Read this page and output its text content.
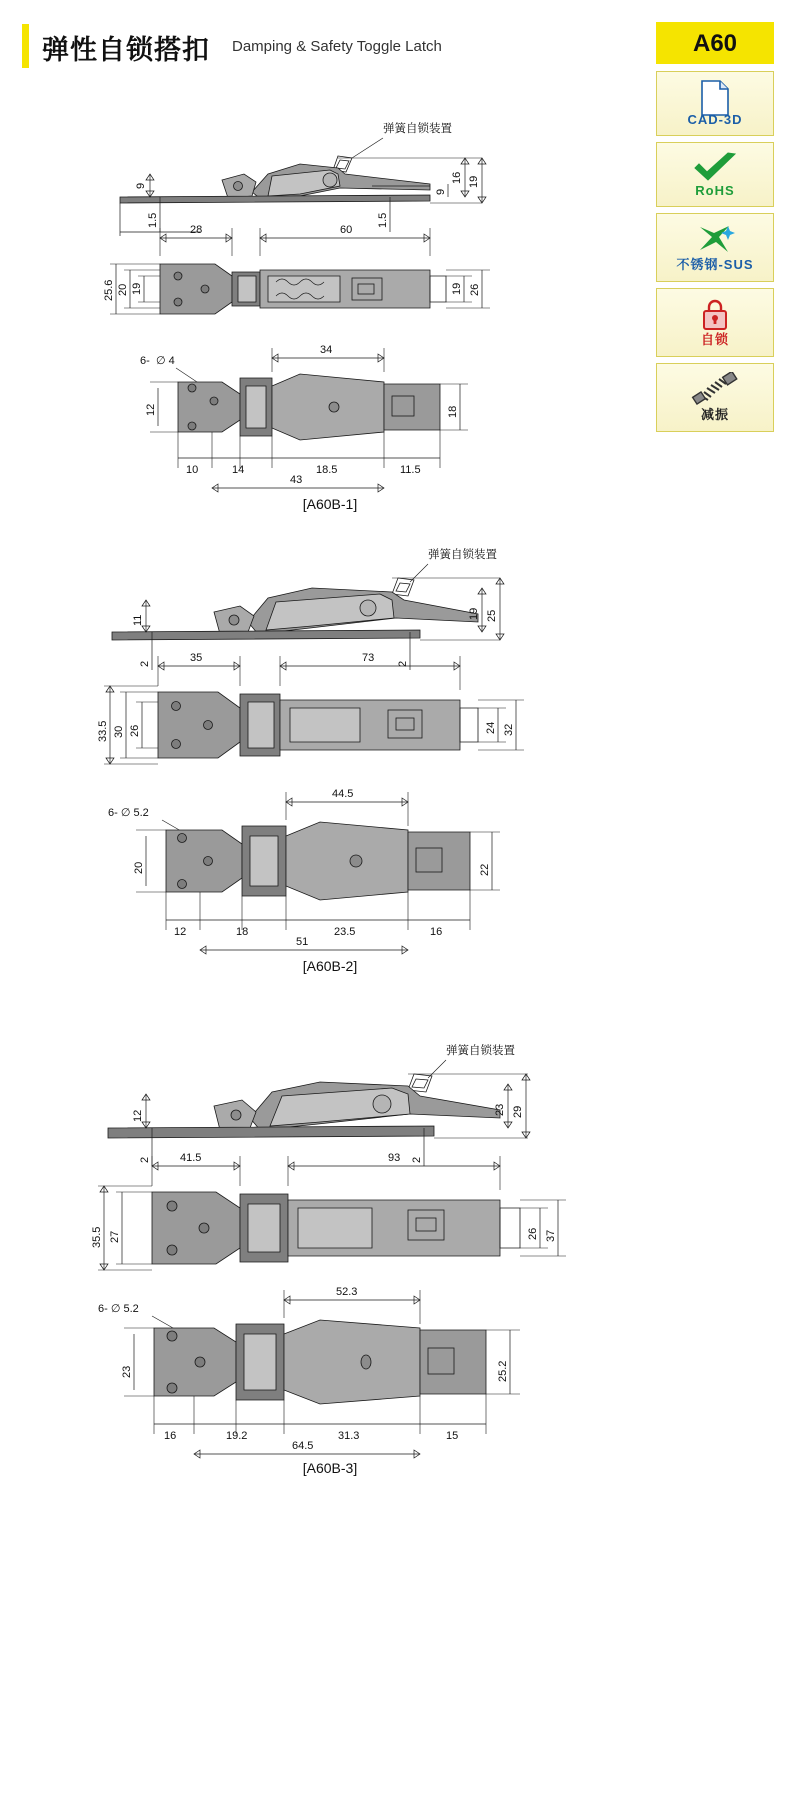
弹性自锁搭扣 Damping & Safety Toggle Latch	A60
CAD-3D
RoHS
不锈钢-SUS
自锁
减振
弹簧自锁装置
9
1.5
9
1.5
16 19
28	60
25.6 20 19	19 26
6- ∅ 4
34
12	18
10	14	18.5	11.5
43
[A60B-1]
弹簧自锁装置
11
2	2
19 25
35	73
33.5 30 26	24 32
6- ∅ 5.2
44.5
20	22
12	18	23.5	16
51
[A60B-2]
弹簧自锁装置
12
2	2
23 29
41.5	93
35.5 27	26 37
6- ∅ 5.2
52.3
23	25.2
16	19.2	31.3	15
64.5
[A60B-3]
